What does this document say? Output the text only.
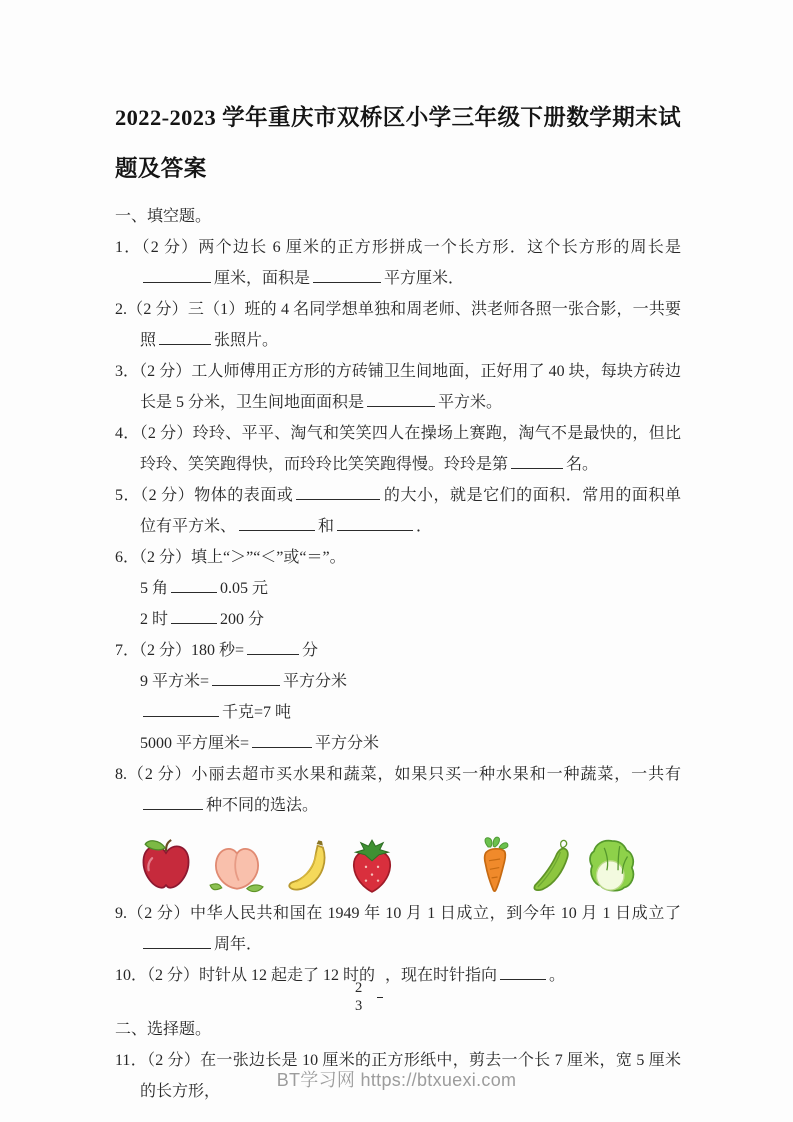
2022-2023 学年重庆市双桥区小学三年级下册数学期末试题及答案

一、填空题。

1．（2 分）两个边长 6 厘米的正方形拼成一个长方形．这个长方形的周长是厘米，面积是	平方厘米．

2.（2 分）三（1）班的 4 名同学想单独和周老师、洪老师各照一张合影，一共要照	张照片。

3．（2 分）工人师傅用正方形的方砖铺卫生间地面，正好用了 40 块，每块方砖边长是 5 分米，卫生间地面面积是	平方米。

4．（2 分）玲玲、平平、淘气和笑笑四人在操场上赛跑，淘气不是最快的，但比玲玲、笑笑跑得快，而玲玲比笑笑跑得慢。玲玲是第	名。

5．（2 分）物体的表面或	的大小，就是它们的面积．常用的面积单位有平方米、	和	．

6．（2 分）填上“＞”“＜”或“＝”。

5 角	0.05 元

2 时	200 分

7．（2 分）180 秒=	分

9 平方米=	平方分米

千克=7 吨

5000 平方厘米=	平方分米

8.（2 分）小丽去超市买水果和蔬菜，如果只买一种水果和一种蔬菜，一共有种不同的选法。

9.（2 分）中华人民共和国在 1949 年 10 月 1 日成立，到今年 10 月 1 日成立了周年．

10．（2 分）时针从 12 起走了 12 时的
$\frac{2}{3}$
，现在时针指向	。

二、选择题。

11．（2 分）在一张边长是 10 厘米的正方形纸中，剪去一个长 7 厘米，宽 5 厘米的长方形，

BT学习网 https://btxuexi.com
